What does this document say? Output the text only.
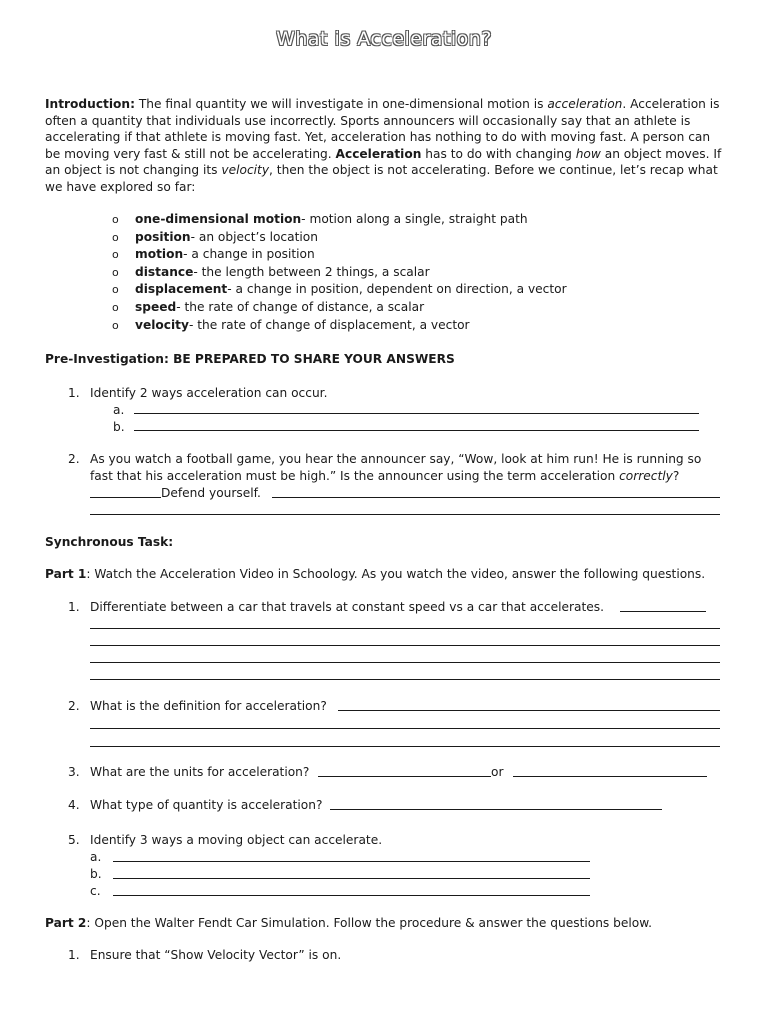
What is Acceleration?

Introduction: The final quantity we will investigate in one-dimensional motion is acceleration. Acceleration is often a quantity that individuals use incorrectly. Sports announcers will occasionally say that an athlete is accelerating if that athlete is moving fast. Yet, acceleration has nothing to do with moving fast. A person can be moving very fast & still not be accelerating. Acceleration has to do with changing how an object moves. If an object is not changing its velocity, then the object is not accelerating. Before we continue, let’s recap what we have explored so far:

o one-dimensional motion- motion along a single, straight path
o position- an object’s location
o motion- a change in position
o distance- the length between 2 things, a scalar
o displacement- a change in position, dependent on direction, a vector
o speed- the rate of change of distance, a scalar
o velocity- the rate of change of displacement, a vector
Pre-Investigation: BE PREPARED TO SHARE YOUR ANSWERS
1. Identify 2 ways acceleration can occur.
a.
b.
2. As you watch a football game, you hear the announcer say, “Wow, look at him run! He is running so
fast that his acceleration must be high.” Is the announcer using the term acceleration correctly?
Defend yourself.
Synchronous Task:
Part 1: Watch the Acceleration Video in Schoology. As you watch the video, answer the following questions.
1. Differentiate between a car that travels at constant speed vs a car that accelerates.
2. What is the definition for acceleration?
3. What are the units for acceleration?	or
4. What type of quantity is acceleration?
5. Identify 3 ways a moving object can accelerate.
a.
b.
c.
Part 2: Open the Walter Fendt Car Simulation. Follow the procedure & answer the questions below.
1. Ensure that “Show Velocity Vector” is on.
